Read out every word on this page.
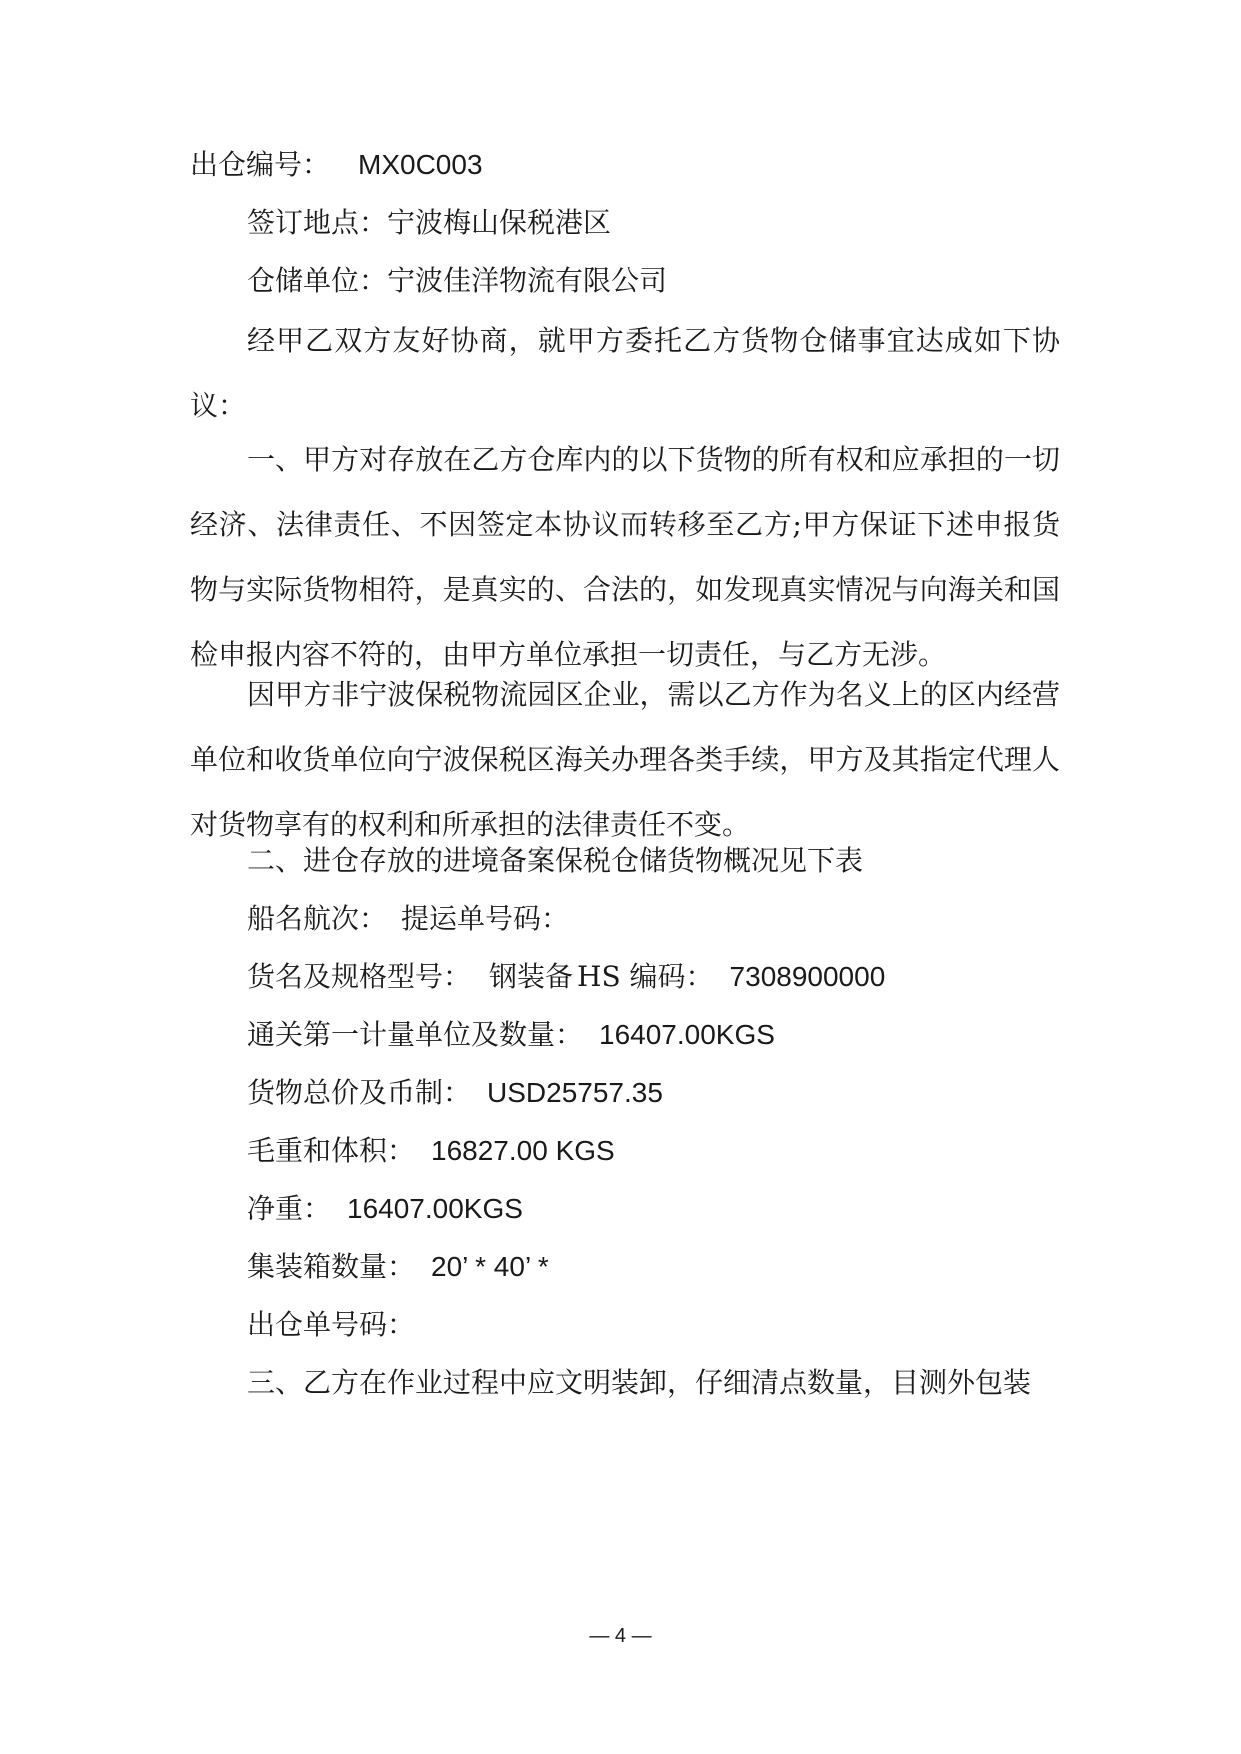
出仓编号： MX0C003
签订地点：宁波梅山保税港区
仓储单位：宁波佳洋物流有限公司
经甲乙双方友好协商，就甲方委托乙方货物仓储事宜达成如下协议：
一、甲方对存放在乙方仓库内的以下货物的所有权和应承担的一切经济、法律责任、不因签定本协议而转移至乙方;甲方保证下述申报货物与实际货物相符，是真实的、合法的，如发现真实情况与向海关和国检申报内容不符的，由甲方单位承担一切责任，与乙方无涉。
因甲方非宁波保税物流园区企业，需以乙方作为名义上的区内经营单位和收货单位向宁波保税区海关办理各类手续，甲方及其指定代理人对货物享有的权利和所承担的法律责任不变。
二、进仓存放的进境备案保税仓储货物概况见下表
船名航次： 提运单号码：
货名及规格型号： 钢装备 HS 编码： 7308900000
通关第一计量单位及数量： 16407.00KGS
货物总价及币制： USD25757.35
毛重和体积： 16827.00 KGS
净重： 16407.00KGS
集装箱数量： 20’ * 40’ *
出仓单号码：
三、乙方在作业过程中应文明装卸，仔细清点数量，目测外包装
— 4 —
